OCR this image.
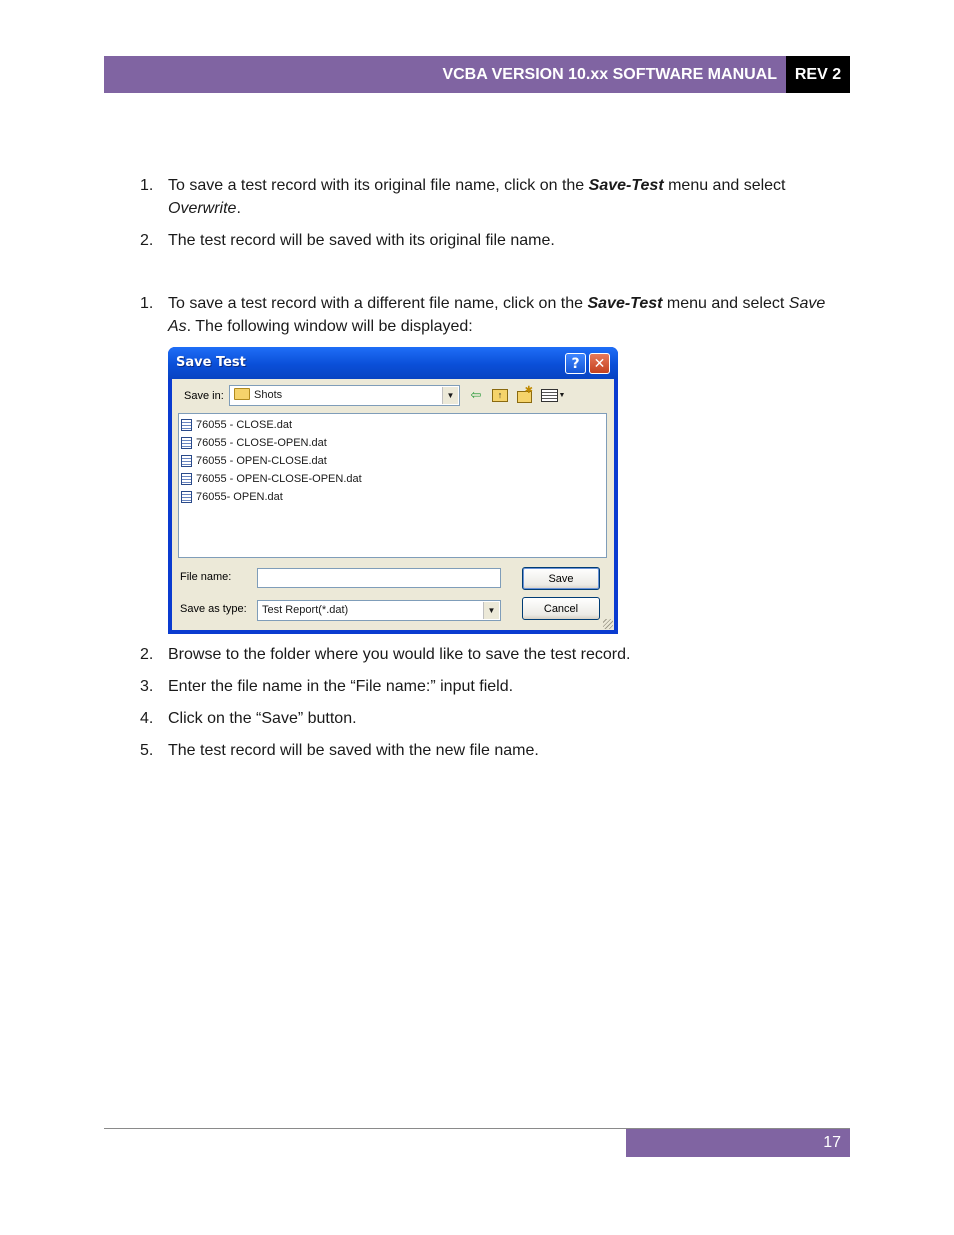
VCBA VERSION 10.xx SOFTWARE MANUAL REV 2
1. To save a test record with its original file name, click on the Save-Test menu and select Overwrite.
2. The test record will be saved with its original file name.
1. To save a test record with a different file name, click on the Save-Test menu and select Save As. The following window will be displayed:
Save Test	? ✕
Save in:	Shots	▼ ⇦	↑	✱	▼
76055 - CLOSE.dat
76055 - CLOSE-OPEN.dat
76055 - OPEN-CLOSE.dat
76055 - OPEN-CLOSE-OPEN.dat
76055- OPEN.dat
File name:	Save
Save as type: Test Report(*.dat)	▼	Cancel
2. Browse to the folder where you would like to save the test record.
3. Enter the file name in the “File name:” input field.
4. Click on the “Save” button.
5. The test record will be saved with the new file name.
17
